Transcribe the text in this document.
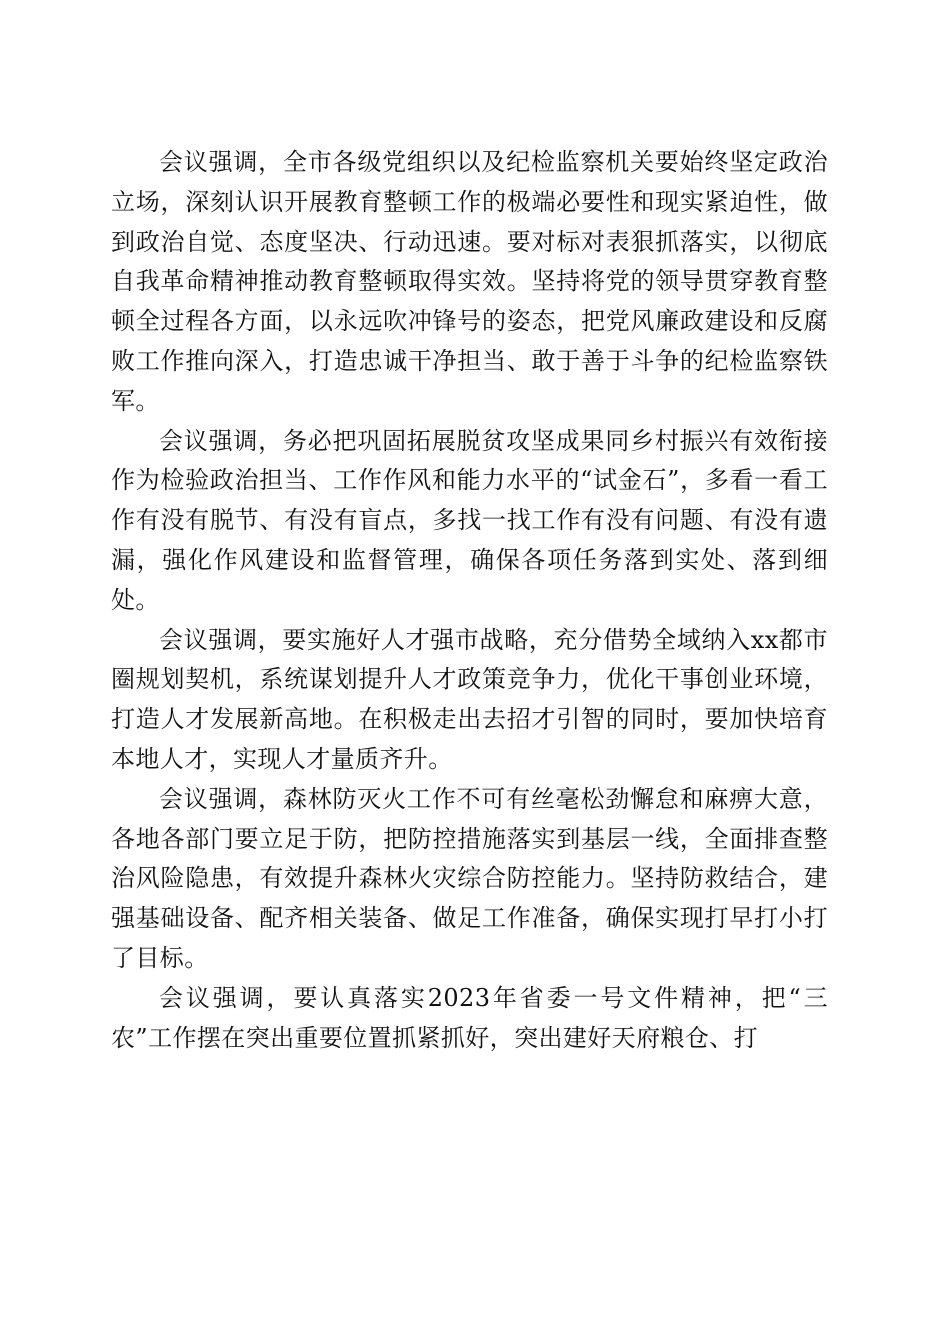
会议强调，全市各级党组织以及纪检监察机关要始终坚定政治立场，深刻认识开展教育整顿工作的极端必要性和现实紧迫性，做到政治自觉、态度坚决、行动迅速。要对标对表狠抓落实，以彻底自我革命精神推动教育整顿取得实效。坚持将党的领导贯穿教育整顿全过程各方面，以永远吹冲锋号的姿态，把党风廉政建设和反腐败工作推向深入，打造忠诚干净担当、敢于善于斗争的纪检监察铁军。

会议强调，务必把巩固拓展脱贫攻坚成果同乡村振兴有效衔接作为检验政治担当、工作作风和能力水平的“试金石”，多看一看工作有没有脱节、有没有盲点，多找一找工作有没有问题、有没有遗漏，强化作风建设和监督管理，确保各项任务落到实处、落到细处。

会议强调，要实施好人才强市战略，充分借势全域纳入xx都市圈规划契机，系统谋划提升人才政策竞争力，优化干事创业环境，打造人才发展新高地。在积极走出去招才引智的同时，要加快培育本地人才，实现人才量质齐升。

会议强调，森林防灭火工作不可有丝毫松劲懈怠和麻痹大意，各地各部门要立足于防，把防控措施落实到基层一线，全面排查整治风险隐患，有效提升森林火灾综合防控能力。坚持防救结合，建强基础设备、配齐相关装备、做足工作准备，确保实现打早打小打了目标。

会议强调，要认真落实2023年省委一号文件精神，把“三农”工作摆在突出重要位置抓紧抓好，突出建好天府粮仓、打
